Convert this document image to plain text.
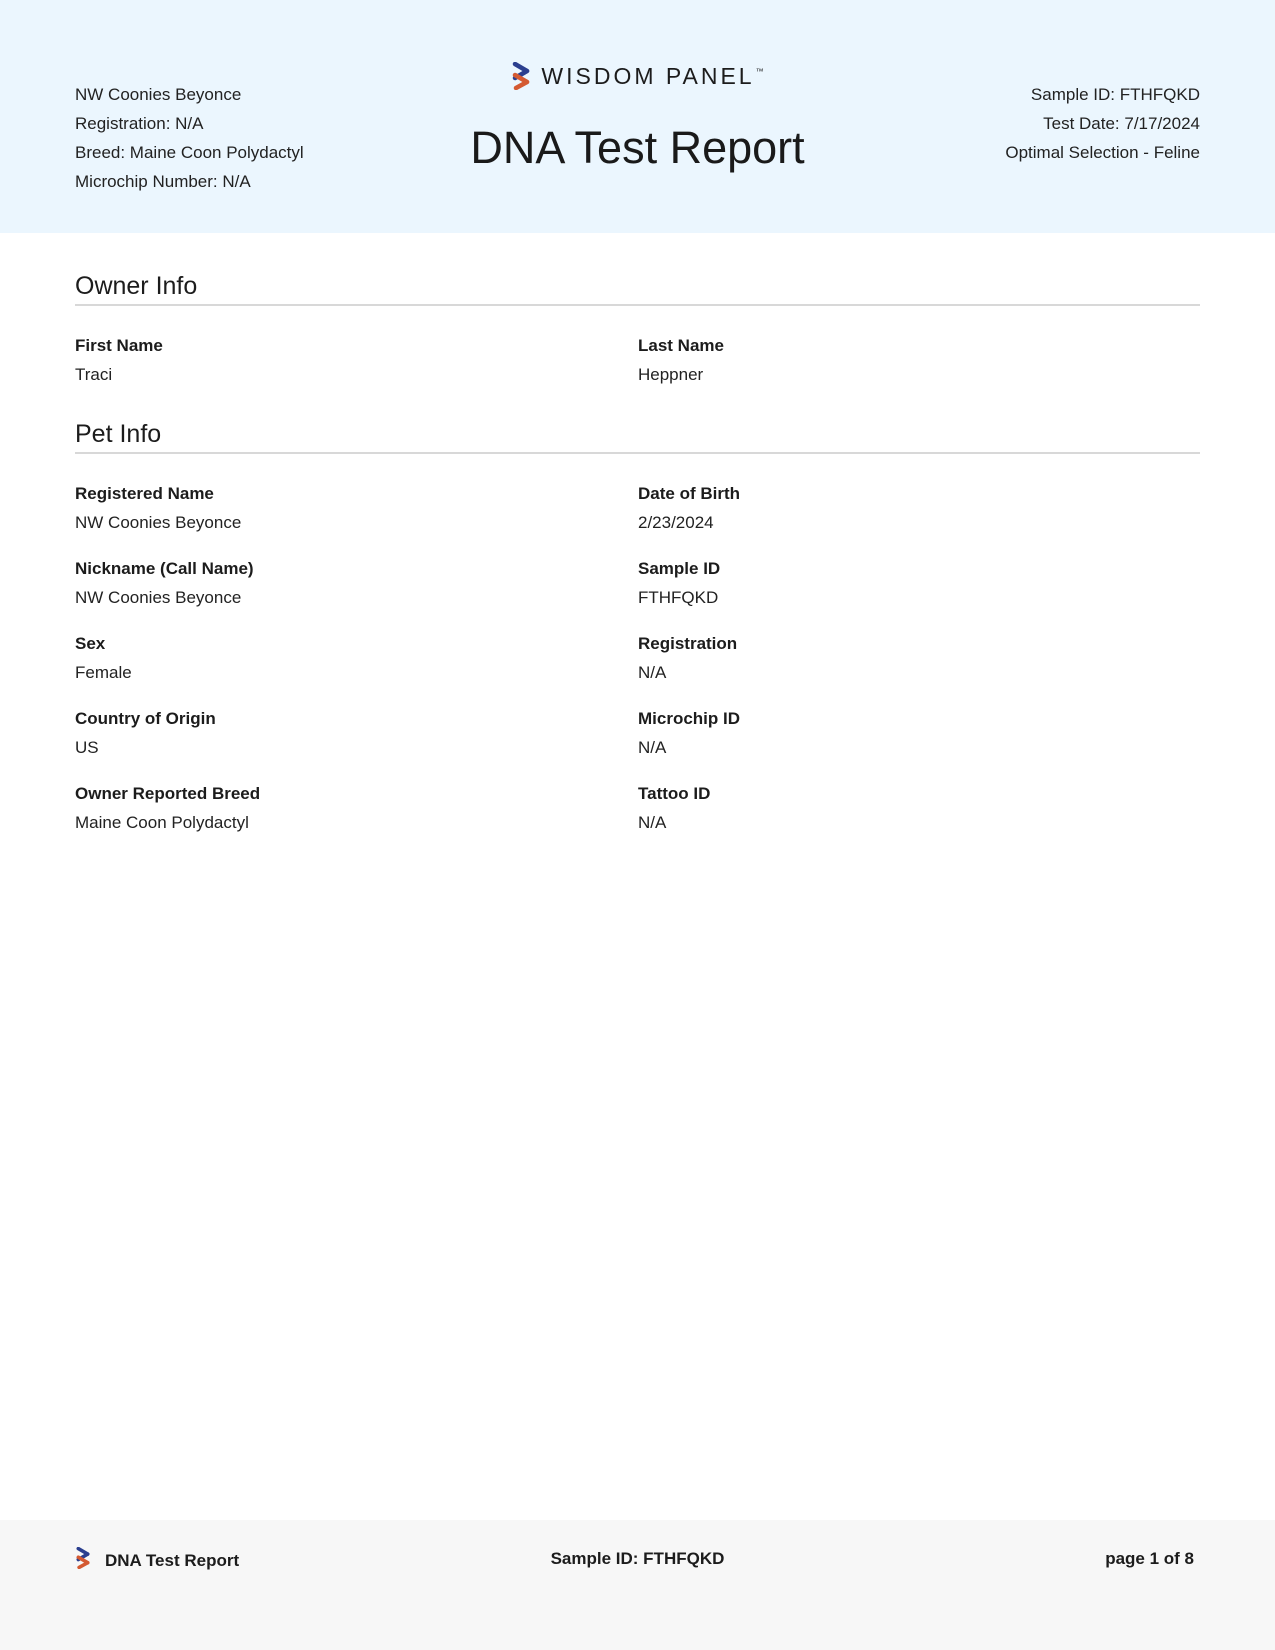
NW Coonies Beyonce
Registration: N/A
Breed: Maine Coon Polydactyl
Microchip Number: N/A
WISDOM PANEL™
DNA Test Report
Sample ID: FTHFQKD
Test Date: 7/17/2024
Optimal Selection - Feline
Owner Info
First Name
Traci
Last Name
Heppner
Pet Info
Registered Name
NW Coonies Beyonce
Date of Birth
2/23/2024
Nickname (Call Name)
NW Coonies Beyonce
Sample ID
FTHFQKD
Sex
Female
Registration
N/A
Country of Origin
US
Microchip ID
N/A
Owner Reported Breed
Maine Coon Polydactyl
Tattoo ID
N/A
DNA Test Report	Sample ID: FTHFQKD	page 1 of 8
